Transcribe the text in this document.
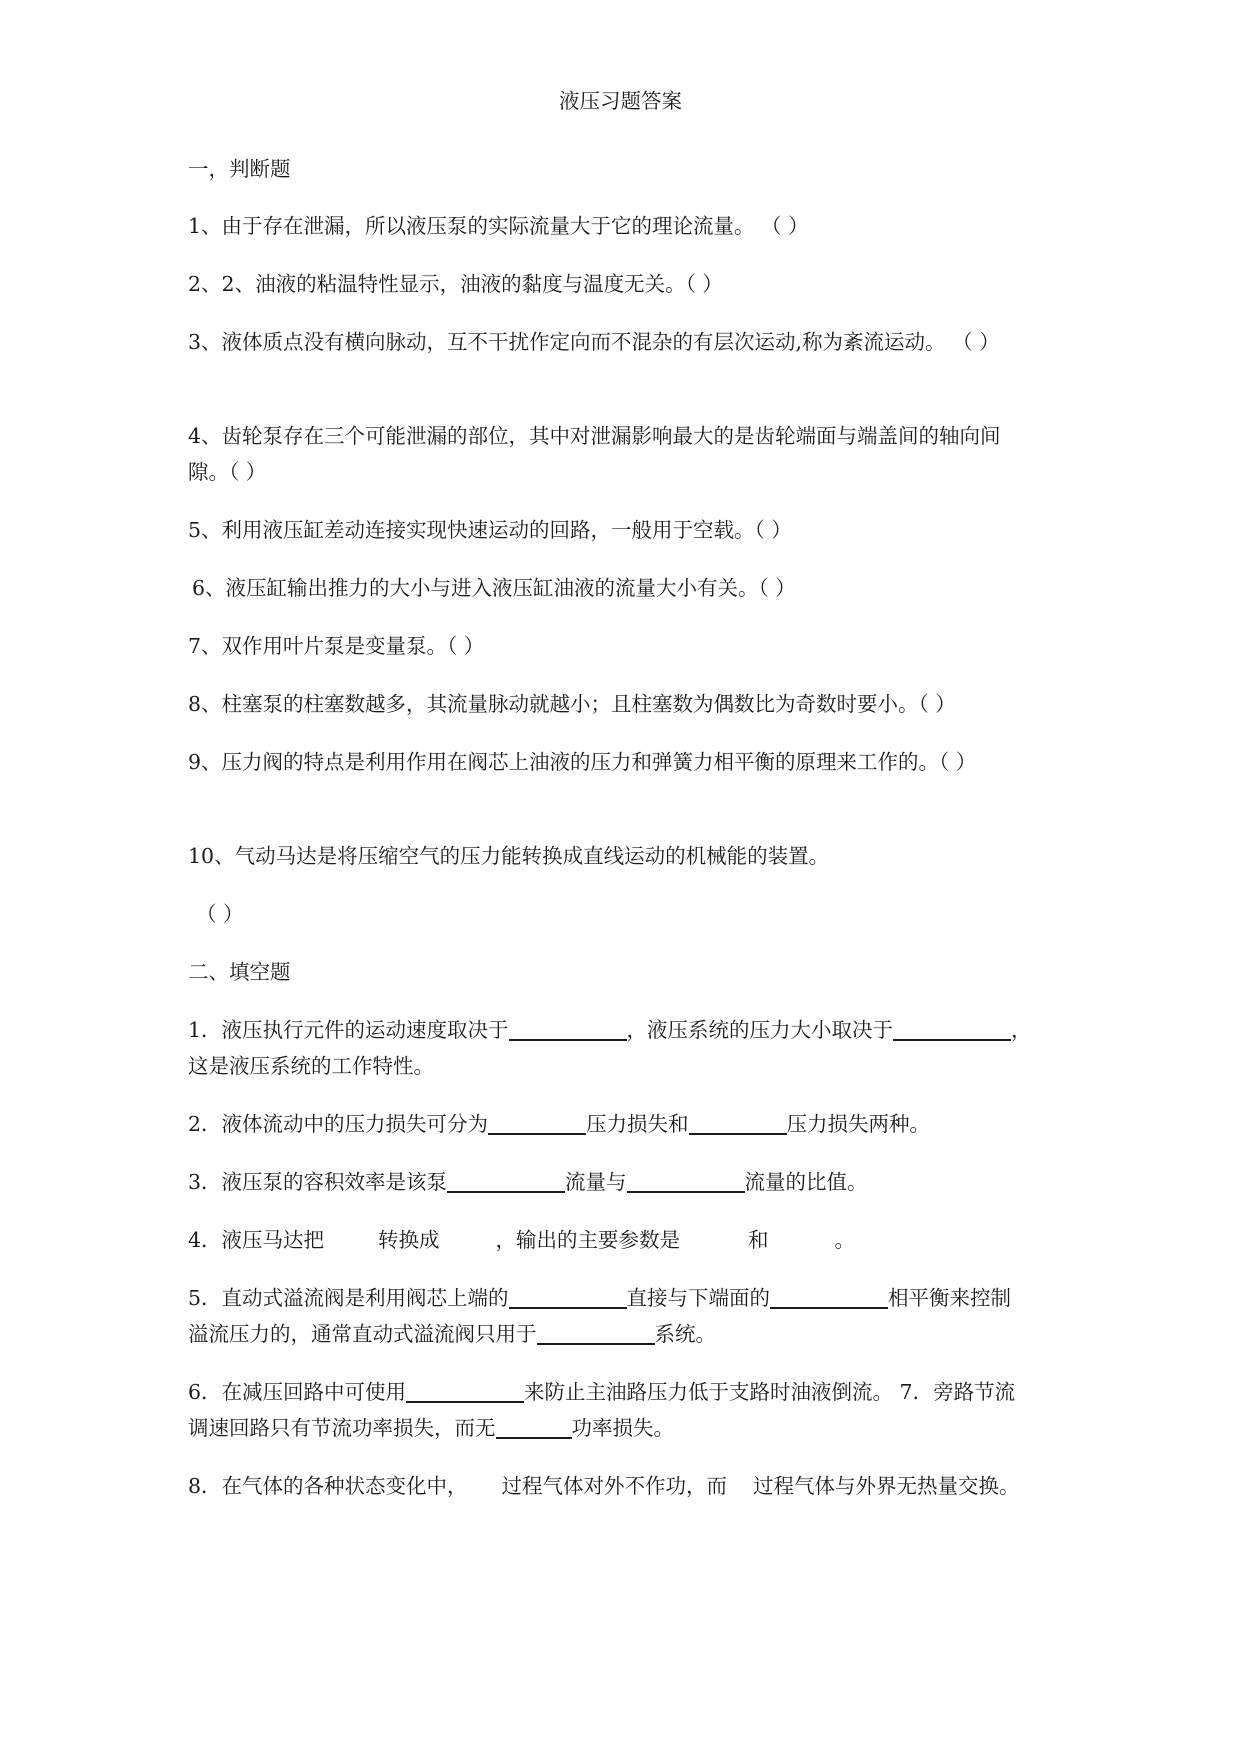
液压习题答案
一，判断题
1、由于存在泄漏，所以液压泵的实际流量大于它的理论流量。 （ ）
2、2、油液的粘温特性显示，油液的黏度与温度无关。（ ）
3、液体质点没有横向脉动，互不干扰作定向而不混杂的有层次运动,称为紊流运动。 （ ）
4、齿轮泵存在三个可能泄漏的部位，其中对泄漏影响最大的是齿轮端面与端盖间的轴向间
隙。（ ）
5、利用液压缸差动连接实现快速运动的回路，一般用于空载。（ ）
6、液压缸输出推力的大小与进入液压缸油液的流量大小有关。（ ）
7、双作用叶片泵是变量泵。（ ）
8、柱塞泵的柱塞数越多，其流量脉动就越小；且柱塞数为偶数比为奇数时要小。（ ）
9、压力阀的特点是利用作用在阀芯上油液的压力和弹簧力相平衡的原理来工作的。（ ）
10、气动马达是将压缩空气的压力能转换成直线运动的机械能的装置。
（ ）
二、填空题
1．液压执行元件的运动速度取决于	，液压系统的压力大小取决于	，
这是液压系统的工作特性。
2．液体流动中的压力损失可分为	压力损失和	压力损失两种。
3．液压泵的容积效率是该泵	流量与	流量的比值。
4．液压马达把	转换成	，输出的主要参数是	和	。
5．直动式溢流阀是利用阀芯上端的	直接与下端面的	相平衡来控制
溢流压力的，通常直动式溢流阀只用于	系统。
6．在减压回路中可使用	来防止主油路压力低于支路时油液倒流。 7．旁路节流
调速回路只有节流功率损失，而无	功率损失。
8．在气体的各种状态变化中， 过程气体对外不作功，而 过程气体与外界无热量交换。
